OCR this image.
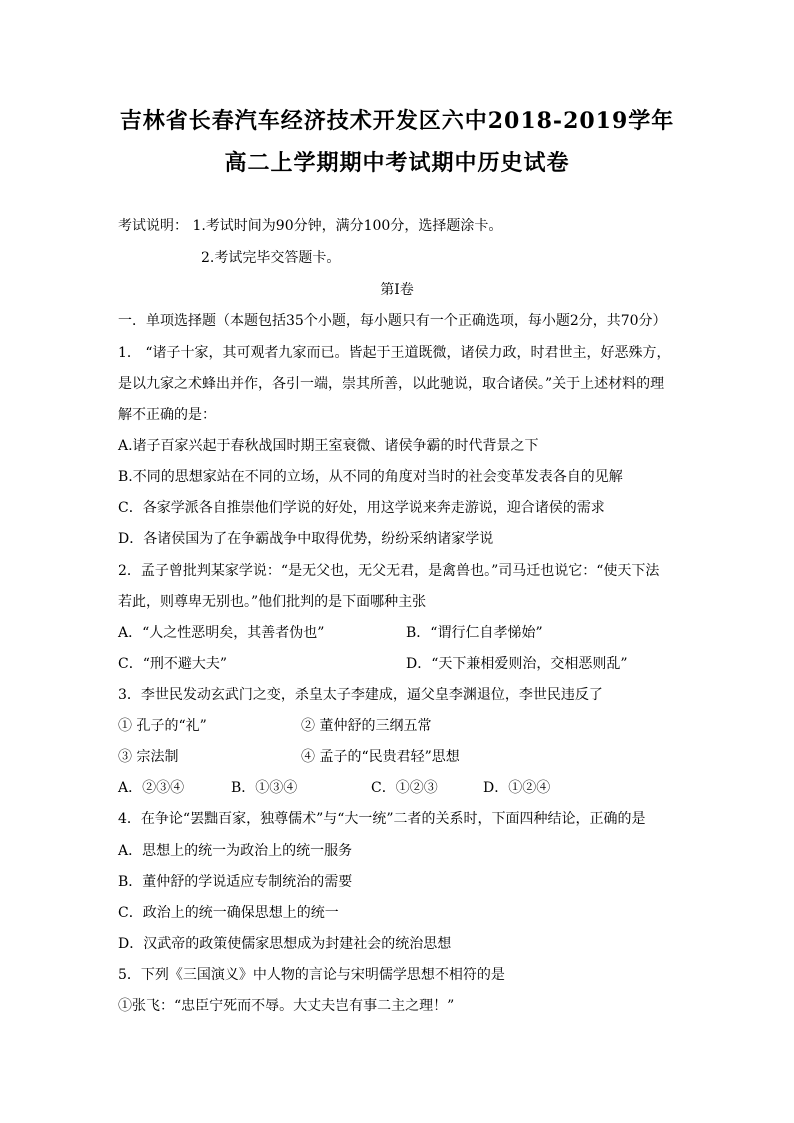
吉林省长春汽车经济技术开发区六中2018-2019学年
高二上学期期中考试期中历史试卷
考试说明： 1.考试时间为90分钟，满分100分，选择题涂卡。
2.考试完毕交答题卡。
第Ⅰ卷
一．单项选择题（本题包括35个小题，每小题只有一个正确选项，每小题2分，共70分）
1． “诸子十家，其可观者九家而已。皆起于王道既微，诸侯力政，时君世主，好恶殊方，
是以九家之术蜂出并作，各引一端，崇其所善，以此驰说，取合诸侯。”关于上述材料的理
解不正确的是：
A.诸子百家兴起于春秋战国时期王室衰微、诸侯争霸的时代背景之下
B.不同的思想家站在不同的立场，从不同的角度对当时的社会变革发表各自的见解
C．各家学派各自推崇他们学说的好处，用这学说来奔走游说，迎合诸侯的需求
D．各诸侯国为了在争霸战争中取得优势，纷纷采纳诸家学说
2．孟子曾批判某家学说：“是无父也，无父无君，是禽兽也。”司马迁也说它：“使天下法
若此，则尊卑无别也。”他们批判的是下面哪种主张
A．“人之性恶明矣，其善者伪也”	B．“谓行仁自孝悌始”
C．“刑不避大夫”	D．“天下兼相爱则治，交相恶则乱”
3．李世民发动玄武门之变，杀皇太子李建成，逼父皇李渊退位，李世民违反了
① 孔子的“礼”	② 董仲舒的三纲五常
③ 宗法制	④ 孟子的“民贵君轻”思想
A．②③④	B．①③④	C．①②③	D．①②④
4．在争论“罢黜百家，独尊儒术”与“大一统”二者的关系时，下面四种结论，正确的是
A．思想上的统一为政治上的统一服务
B．董仲舒的学说适应专制统治的需要
C．政治上的统一确保思想上的统一
D．汉武帝的政策使儒家思想成为封建社会的统治思想
5．下列《三国演义》中人物的言论与宋明儒学思想不相符的是
①张飞：“忠臣宁死而不辱。大丈夫岂有事二主之理！”
